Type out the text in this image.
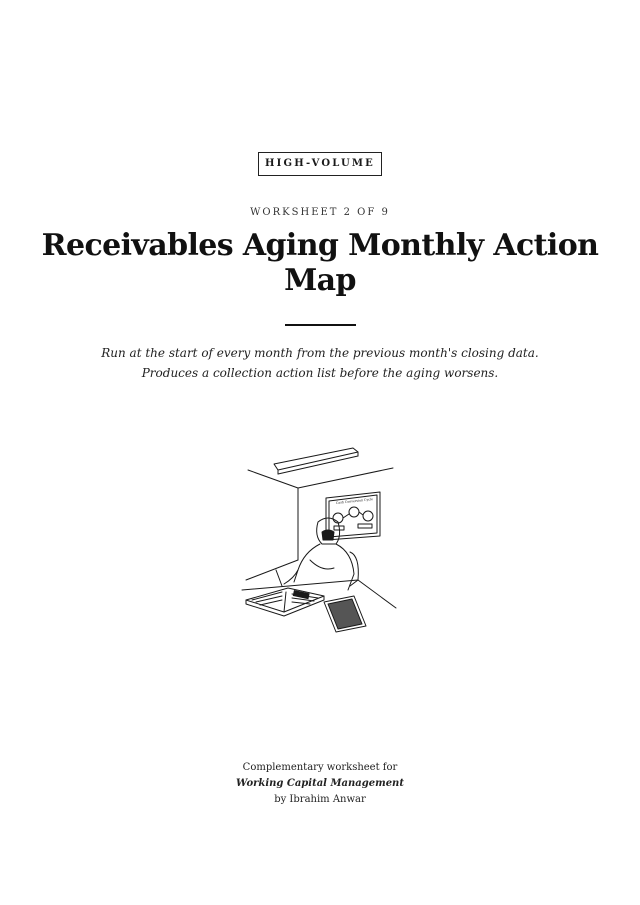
HIGH-VOLUME
WORKSHEET 2 OF 9
Receivables Aging Monthly Action Map
Run at the start of every month from the previous month's closing data. Produces a collection action list before the aging worsens.
Cash Conversion Cycle
Complementary worksheet for
Working Capital Management
by Ibrahim Anwar
